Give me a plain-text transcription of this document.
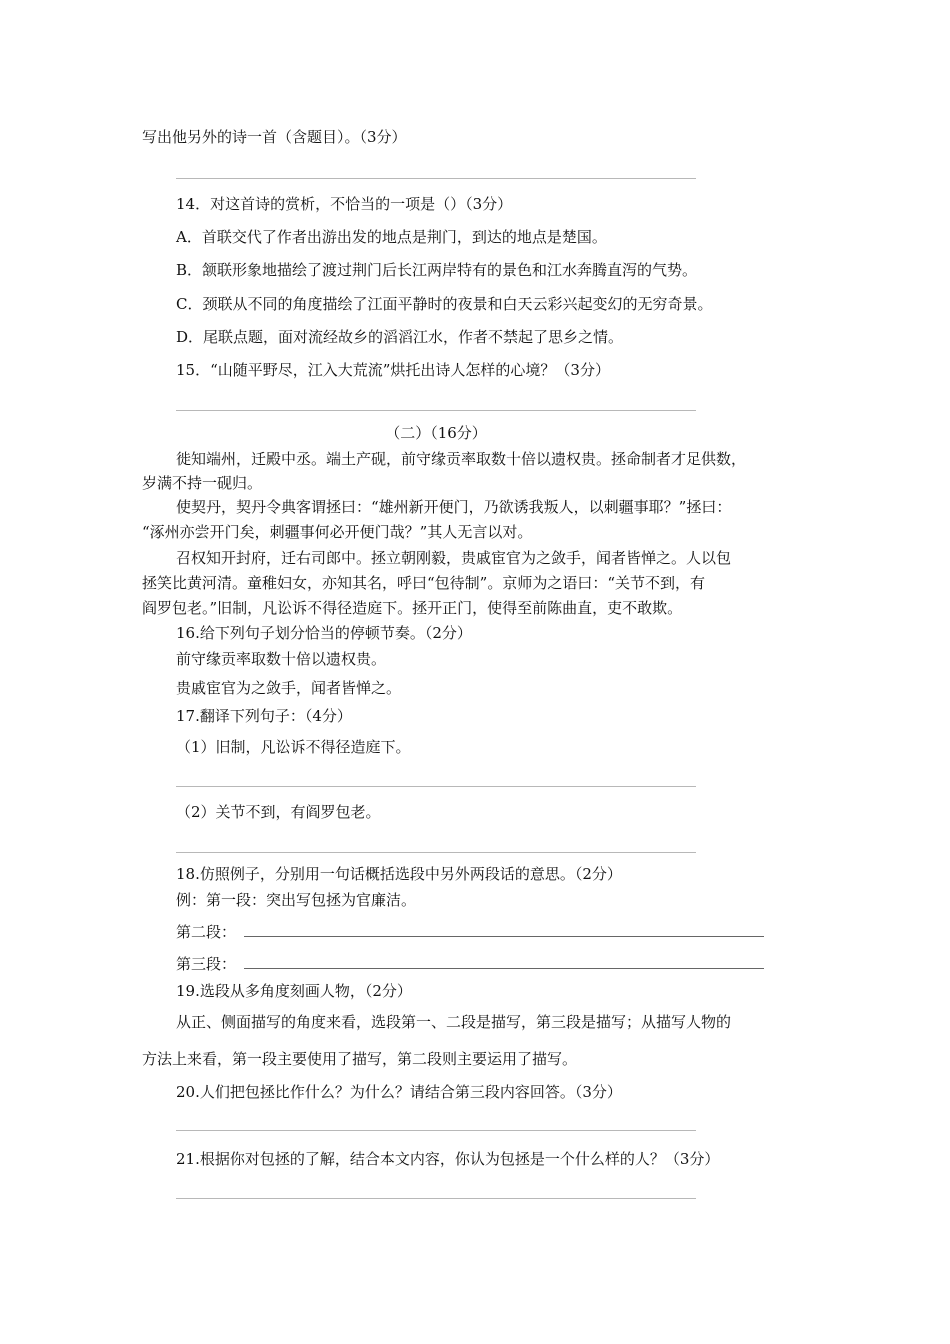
写出他另外的诗一首（含题目）。（3分）
14．对这首诗的赏析，不恰当的一项是（）（3分）
A．首联交代了作者出游出发的地点是荆门，到达的地点是楚国。
B．颔联形象地描绘了渡过荆门后长江两岸特有的景色和江水奔腾直泻的气势。
C．颈联从不同的角度描绘了江面平静时的夜景和白天云彩兴起变幻的无穷奇景。
D．尾联点题，面对流经故乡的滔滔江水，作者不禁起了思乡之情。
15．“山随平野尽，江入大荒流”烘托出诗人怎样的心境？（3分）
（二）（16分）
徙知端州，迁殿中丞。端土产砚，前守缘贡率取数十倍以遗权贵。拯命制者才足供数，
岁满不持一砚归。
使契丹，契丹令典客谓拯曰：“雄州新开便门，乃欲诱我叛人，以刺疆事耶？”拯曰：
“涿州亦尝开门矣，刺疆事何必开便门哉？”其人无言以对。
召权知开封府，迁右司郎中。拯立朝刚毅，贵戚宦官为之敛手，闻者皆惮之。人以包
拯笑比黄河清。童稚妇女，亦知其名，呼曰“包待制”。京师为之语曰：“关节不到，有
阎罗包老。”旧制，凡讼诉不得径造庭下。拯开正门，使得至前陈曲直，吏不敢欺。
16.给下列句子划分恰当的停顿节奏。（2分）
前守缘贡率取数十倍以遗权贵。
贵戚宦官为之敛手，闻者皆惮之。
17.翻译下列句子：（4分）
（1）旧制，凡讼诉不得径造庭下。
（2）关节不到，有阎罗包老。
18.仿照例子，分别用一句话概括选段中另外两段话的意思。（2分）
例：第一段：突出写包拯为官廉洁。
第二段：
第三段：
19.选段从多角度刻画人物，（2分）
从正、侧面描写的角度来看，选段第一、二段是描写，第三段是描写；从描写人物的
方法上来看，第一段主要使用了描写，第二段则主要运用了描写。
20.人们把包拯比作什么？为什么？请结合第三段内容回答。（3分）
21.根据你对包拯的了解，结合本文内容，你认为包拯是一个什么样的人？（3分）
